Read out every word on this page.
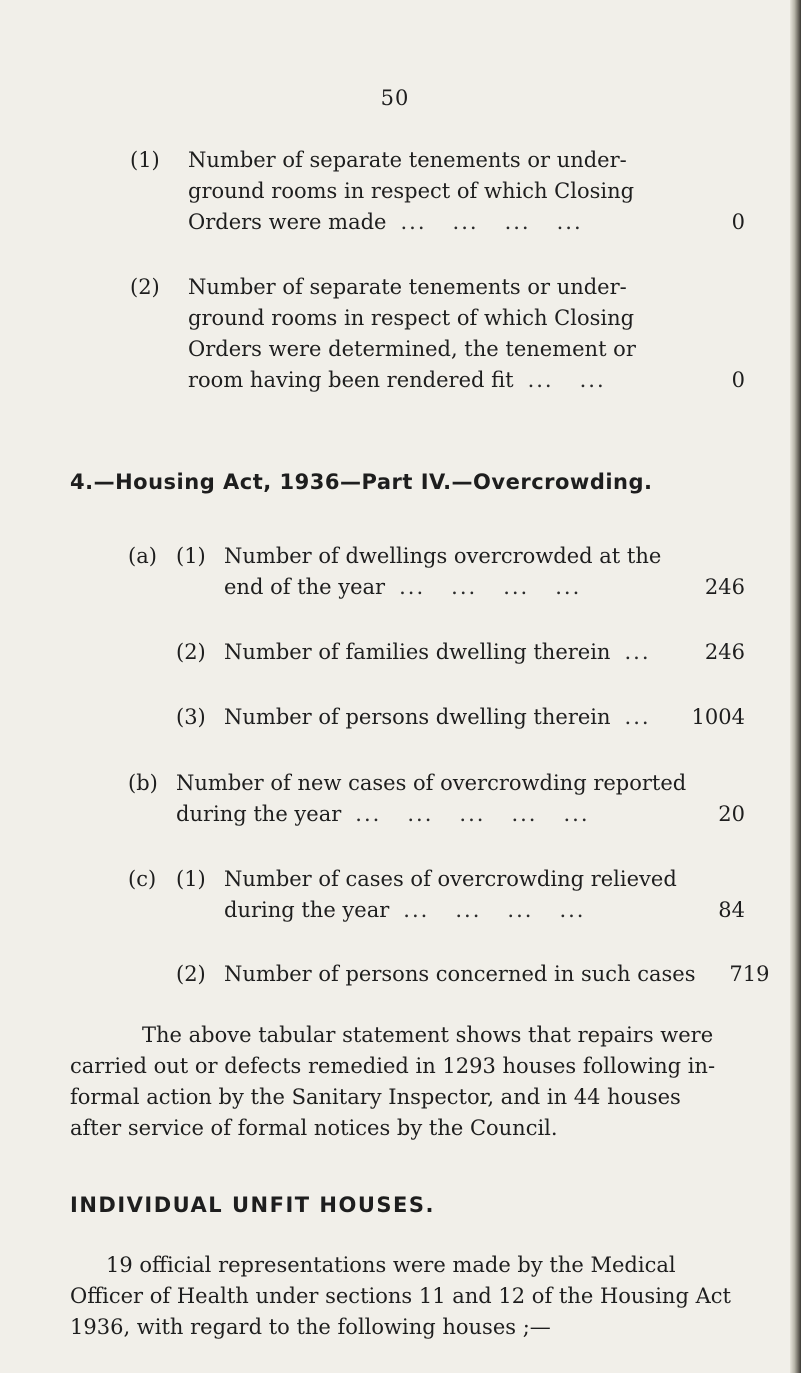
50
(1) Number of separate tenements or under-
ground rooms in respect of which Closing
Orders were made ...   ...   ...   ...	0
(2) Number of separate tenements or under-
ground rooms in respect of which Closing
Orders were determined, the tenement or
room having been rendered fit ...   ...	0
4.—Housing Act, 1936—Part IV.—Overcrowding.
(a) (1) Number of dwellings overcrowded at the
end of the year ...   ...   ...   ...	246
(2) Number of families dwelling therein ...	246
(3) Number of persons dwelling therein ...	1004
(b) Number of new cases of overcrowding reported
during the year ...   ...   ...   ...   ...	20
(c) (1) Number of cases of overcrowding relieved
during the year ...   ...   ...   ...	84
(2) Number of persons concerned in such cases	719
The above tabular statement shows that repairs were
carried out or defects remedied in 1293 houses following in-
formal action by the Sanitary Inspector, and in 44 houses
after service of formal notices by the Council.
INDIVIDUAL UNFIT HOUSES.
19 official representations were made by the Medical
Officer of Health under sections 11 and 12 of the Housing Act
1936, with regard to the following houses ;—
